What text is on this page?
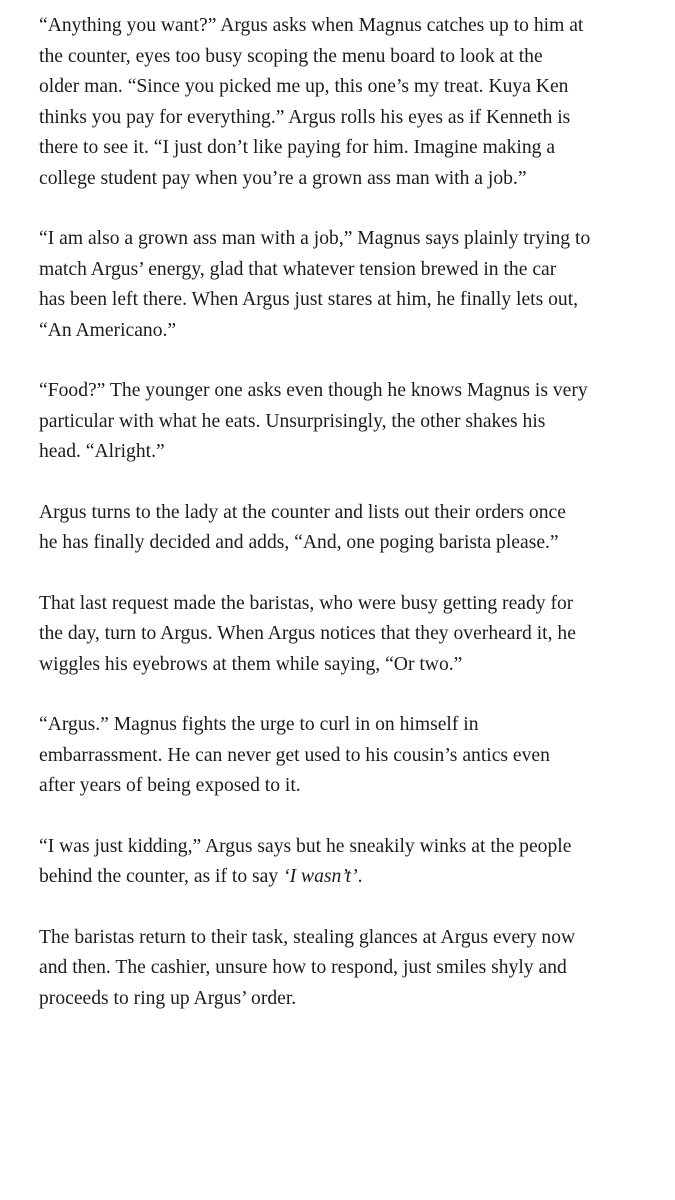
“Anything you want?” Argus asks when Magnus catches up to him at
the counter, eyes too busy scoping the menu board to look at the
older man. “Since you picked me up, this one’s my treat. Kuya Ken
thinks you pay for everything.” Argus rolls his eyes as if Kenneth is
there to see it. “I just don’t like paying for him. Imagine making a
college student pay when you’re a grown ass man with a job.”

“I am also a grown ass man with a job,” Magnus says plainly trying to
match Argus’ energy, glad that whatever tension brewed in the car
has been left there. When Argus just stares at him, he finally lets out,
“An Americano.”

“Food?” The younger one asks even though he knows Magnus is very
particular with what he eats. Unsurprisingly, the other shakes his
head. “Alright.”

Argus turns to the lady at the counter and lists out their orders once
he has finally decided and adds, “And, one poging barista please.”

That last request made the baristas, who were busy getting ready for
the day, turn to Argus. When Argus notices that they overheard it, he
wiggles his eyebrows at them while saying, “Or two.”

“Argus.” Magnus fights the urge to curl in on himself in
embarrassment. He can never get used to his cousin’s antics even
after years of being exposed to it.

“I was just kidding,” Argus says but he sneakily winks at the people
behind the counter, as if to say ‘I wasn’t’.

The baristas return to their task, stealing glances at Argus every now
and then. The cashier, unsure how to respond, just smiles shyly and
proceeds to ring up Argus’ order.
